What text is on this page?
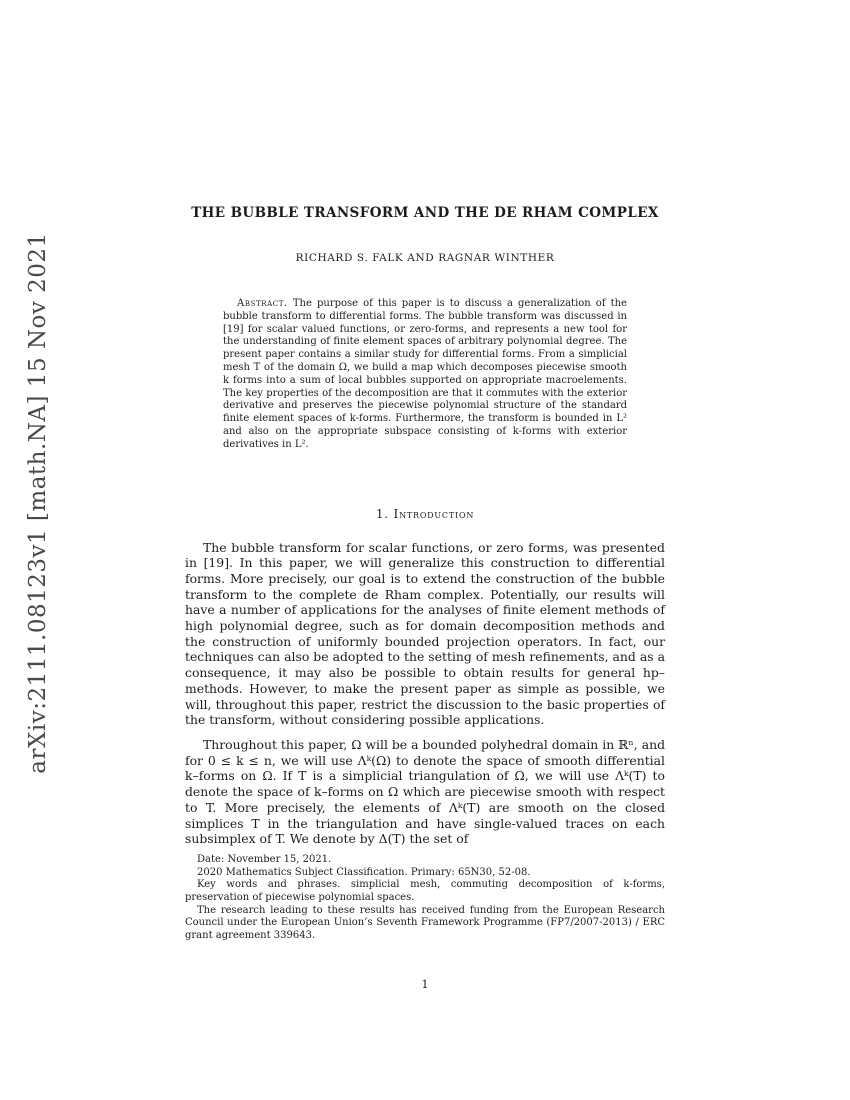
arXiv:2111.08123v1 [math.NA] 15 Nov 2021
THE BUBBLE TRANSFORM AND THE DE RHAM COMPLEX
RICHARD S. FALK AND RAGNAR WINTHER

Abstract. The purpose of this paper is to discuss a generalization of the bubble transform to differential forms. The bubble transform was discussed in [19] for scalar valued functions, or zero-forms, and represents a new tool for the understanding of finite element spaces of arbitrary polynomial degree. The present paper contains a similar study for differential forms. From a simplicial mesh T of the domain Ω, we build a map which decomposes piecewise smooth k forms into a sum of local bubbles supported on appropriate macroelements. The key properties of the decomposition are that it commutes with the exterior derivative and preserves the piecewise polynomial structure of the standard finite element spaces of k-forms. Furthermore, the transform is bounded in L² and also on the appropriate subspace consisting of k-forms with exterior derivatives in L².

1. Introduction

The bubble transform for scalar functions, or zero forms, was presented in [19]. In this paper, we will generalize this construction to differential forms. More precisely, our goal is to extend the construction of the bubble transform to the complete de Rham complex. Potentially, our results will have a number of applications for the analyses of finite element methods of high polynomial degree, such as for domain decomposition methods and the construction of uniformly bounded projection operators. In fact, our techniques can also be adopted to the setting of mesh refinements, and as a consequence, it may also be possible to obtain results for general hp–methods. However, to make the present paper as simple as possible, we will, throughout this paper, restrict the discussion to the basic properties of the transform, without considering possible applications.

Throughout this paper, Ω will be a bounded polyhedral domain in ℝⁿ, and for 0 ≤ k ≤ n, we will use Λᵏ(Ω) to denote the space of smooth differential k–forms on Ω. If T is a simplicial triangulation of Ω, we will use Λᵏ(T) to denote the space of k–forms on Ω which are piecewise smooth with respect to T. More precisely, the elements of Λᵏ(T) are smooth on the closed simplices T in the triangulation and have single-valued traces on each subsimplex of T. We denote by Δ(T) the set of

Date: November 15, 2021.

2020 Mathematics Subject Classification. Primary: 65N30, 52-08.

Key words and phrases. simplicial mesh, commuting decomposition of k-forms, preservation of piecewise polynomial spaces.

The research leading to these results has received funding from the European Research Council under the European Union’s Seventh Framework Programme (FP7/2007-2013) / ERC grant agreement 339643.

1
